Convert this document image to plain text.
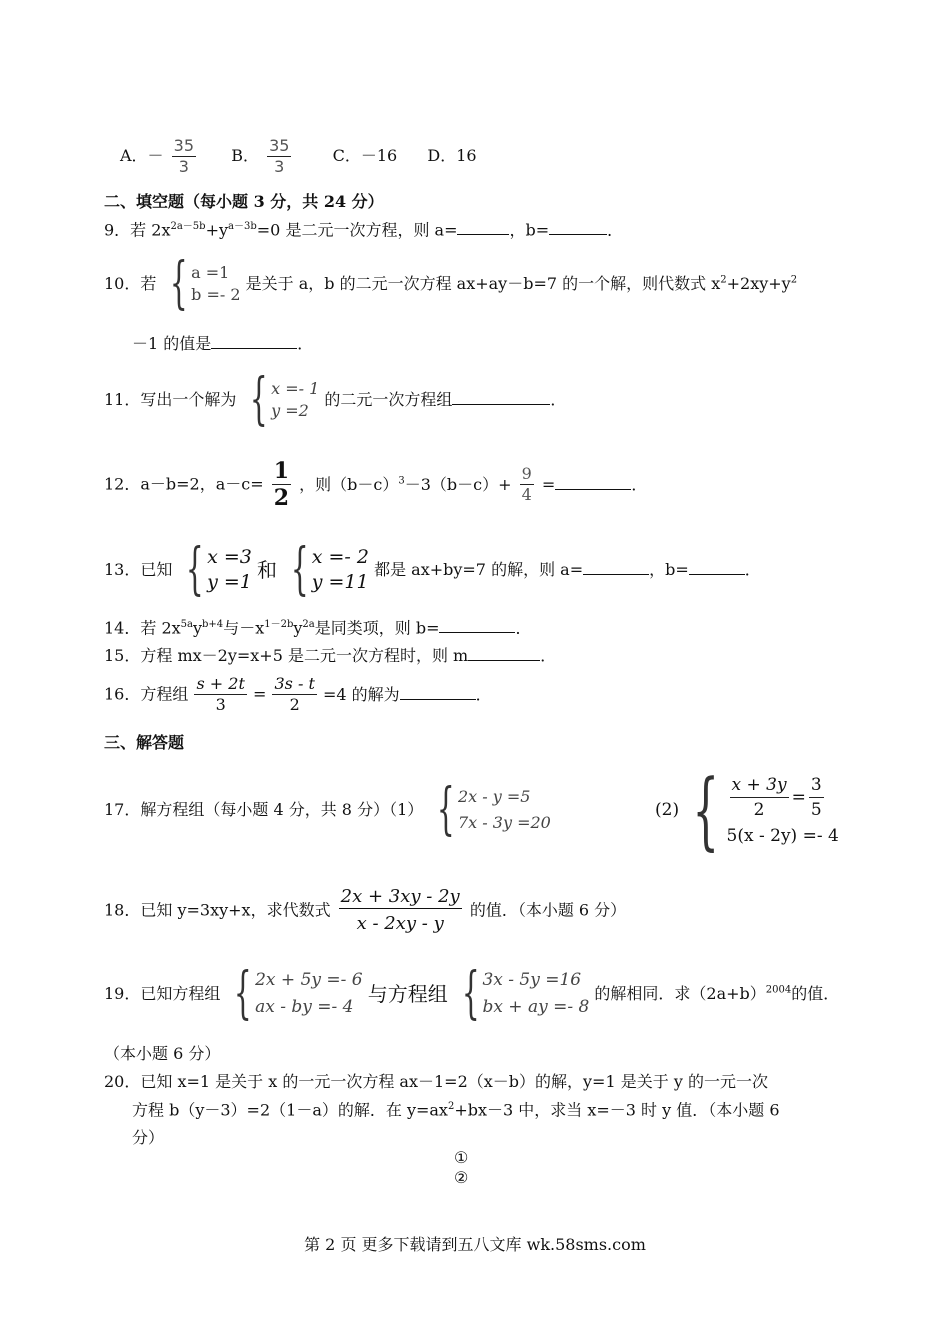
A．－ $\frac{35}{3}$ B． $\frac{35}{3}$	C．－16 D．16
二、填空题（每小题 3 分，共 24 分）
9．若 $2x^{2a-5b}+y^{a-3b}=0$ 是二元一次方程，则 a=	，b=	．
10．若 { a =1
b =- 2
是关于 a，b 的二元一次方程 ax+ay－b=7 的一个解，则代数式 $x^2+2xy+y^2$
－1 的值是	．
11．写出一个解为 { x =- 1
y =2
的二元一次方程组	．
12．a－b=2，$a-c= \frac{1}{2}$ ，则$(b-c)^3-3(b-c)+ \frac{9}{4}$ =	．
13．已知 { x =3
y =1 和 { x =- 2
y =11
都是 ax+by=7 的解，则 a=	，b=	．
14．若 $2x^{5a}y^{b+4}$与$-x^{1-2b}y^{2a}$是同类项，则 b=	．
15．方程 mx－2y=x+5 是二元一次方程时，则 m	．
16．方程组 $\frac{s + 2t}{3} = \frac{3s - t}{2} =4$ 的解为	．
三、解答题
17．解方程组（每小题 4 分，共 8 分）（1） { 2x - y =5
7x - 3y =20
(2) { $\frac{x + 3y}{2} = \frac{3}{5}$
5(x - 2y) =- 4
18．已知 y=3xy+x，求代数式 $\frac{2x + 3xy - 2y}{x - 2xy - y}$ 的值．（本小题 6 分）
19．已知方程组 { 2x + 5y =- 6
ax - by =- 4
与方程组 { 3x - 5y =16
bx + ay =- 8
的解相同．求$(2a+b)^{2004}$的值．
（本小题 6 分）
20．已知 x=1 是关于 x 的一元一次方程 ax－1=2（x－b）的解，y=1 是关于 y 的一元一次
方程 b（y－3）=2（1－a）的解．在 $y=ax^2+bx-3$ 中，求当 x=－3 时 y 值．（本小题 6
分）
①
②
第 2 页 更多下载请到五八文库 wk.58sms.com
